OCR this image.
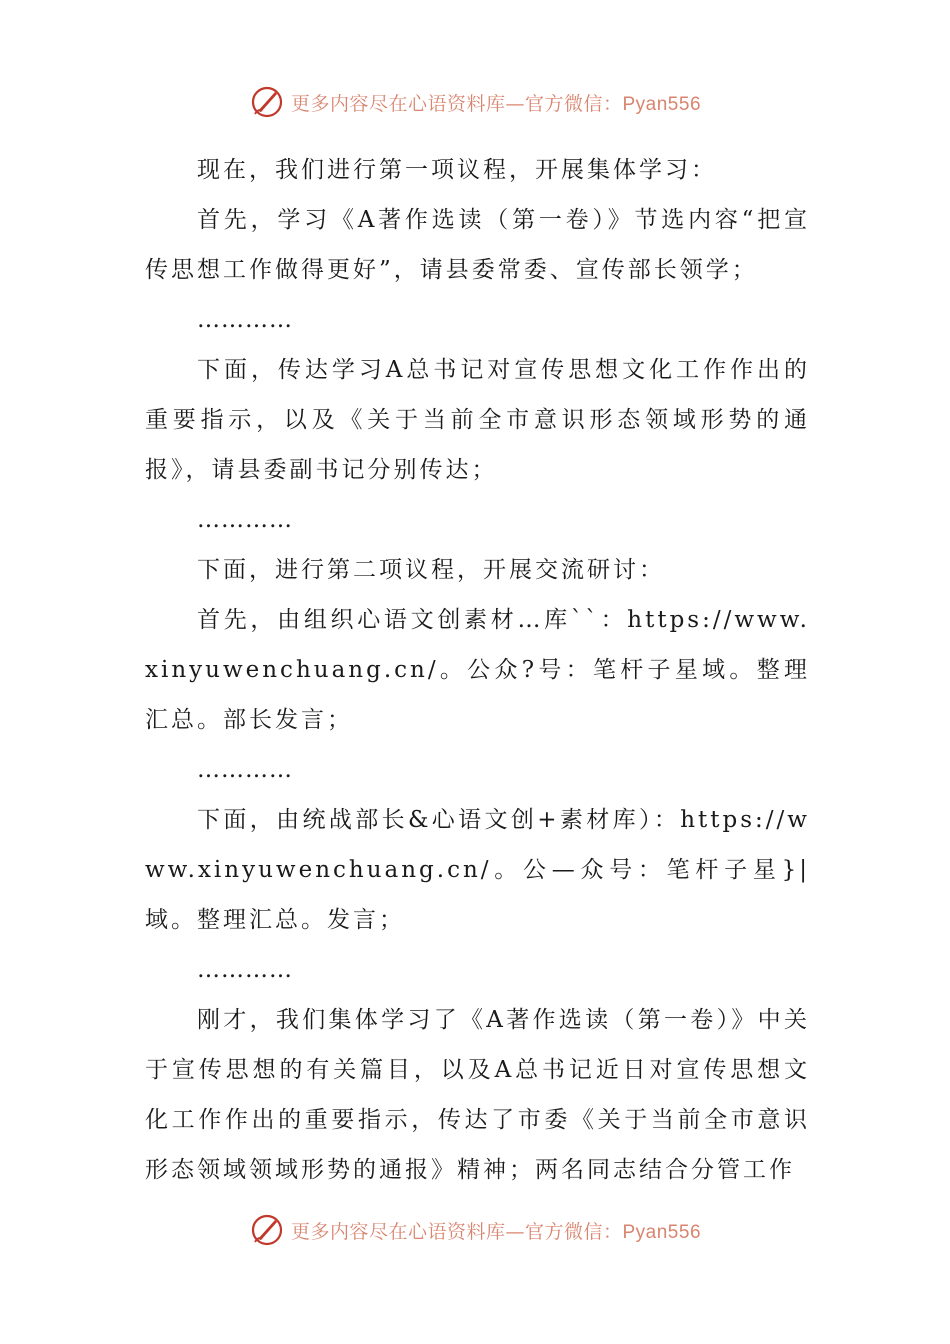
更多内容尽在心语资料库—官方微信：Pyan556

现在，我们进行第一项议程，开展集体学习：

首先，学习《A著作选读（第一卷）》节选内容“把宣传思想工作做得更好”，请县委常委、宣传部长领学；

…………

下面，传达学习A总书记对宣传思想文化工作作出的重要指示，以及《关于当前全市意识形态领域形势的通报》，请县委副书记分别传达；

…………

下面，进行第二项议程，开展交流研讨：

首先，由组织心语文创素材…库``：https://www.xinyuwenchuang.cn/。公众?号：笔杆子星域。整理汇总。部长发言；

…………

下面，由统战部长&心语文创+素材库）：https://www.xinyuwenchuang.cn/。公—众号：笔杆子星}|域。整理汇总。发言；

…………

刚才，我们集体学习了《A著作选读（第一卷）》中关于宣传思想的有关篇目，以及A总书记近日对宣传思想文化工作作出的重要指示，传达了市委《关于当前全市意识形态领域领域形势的通报》精神；两名同志结合分管工作

更多内容尽在心语资料库—官方微信：Pyan556
